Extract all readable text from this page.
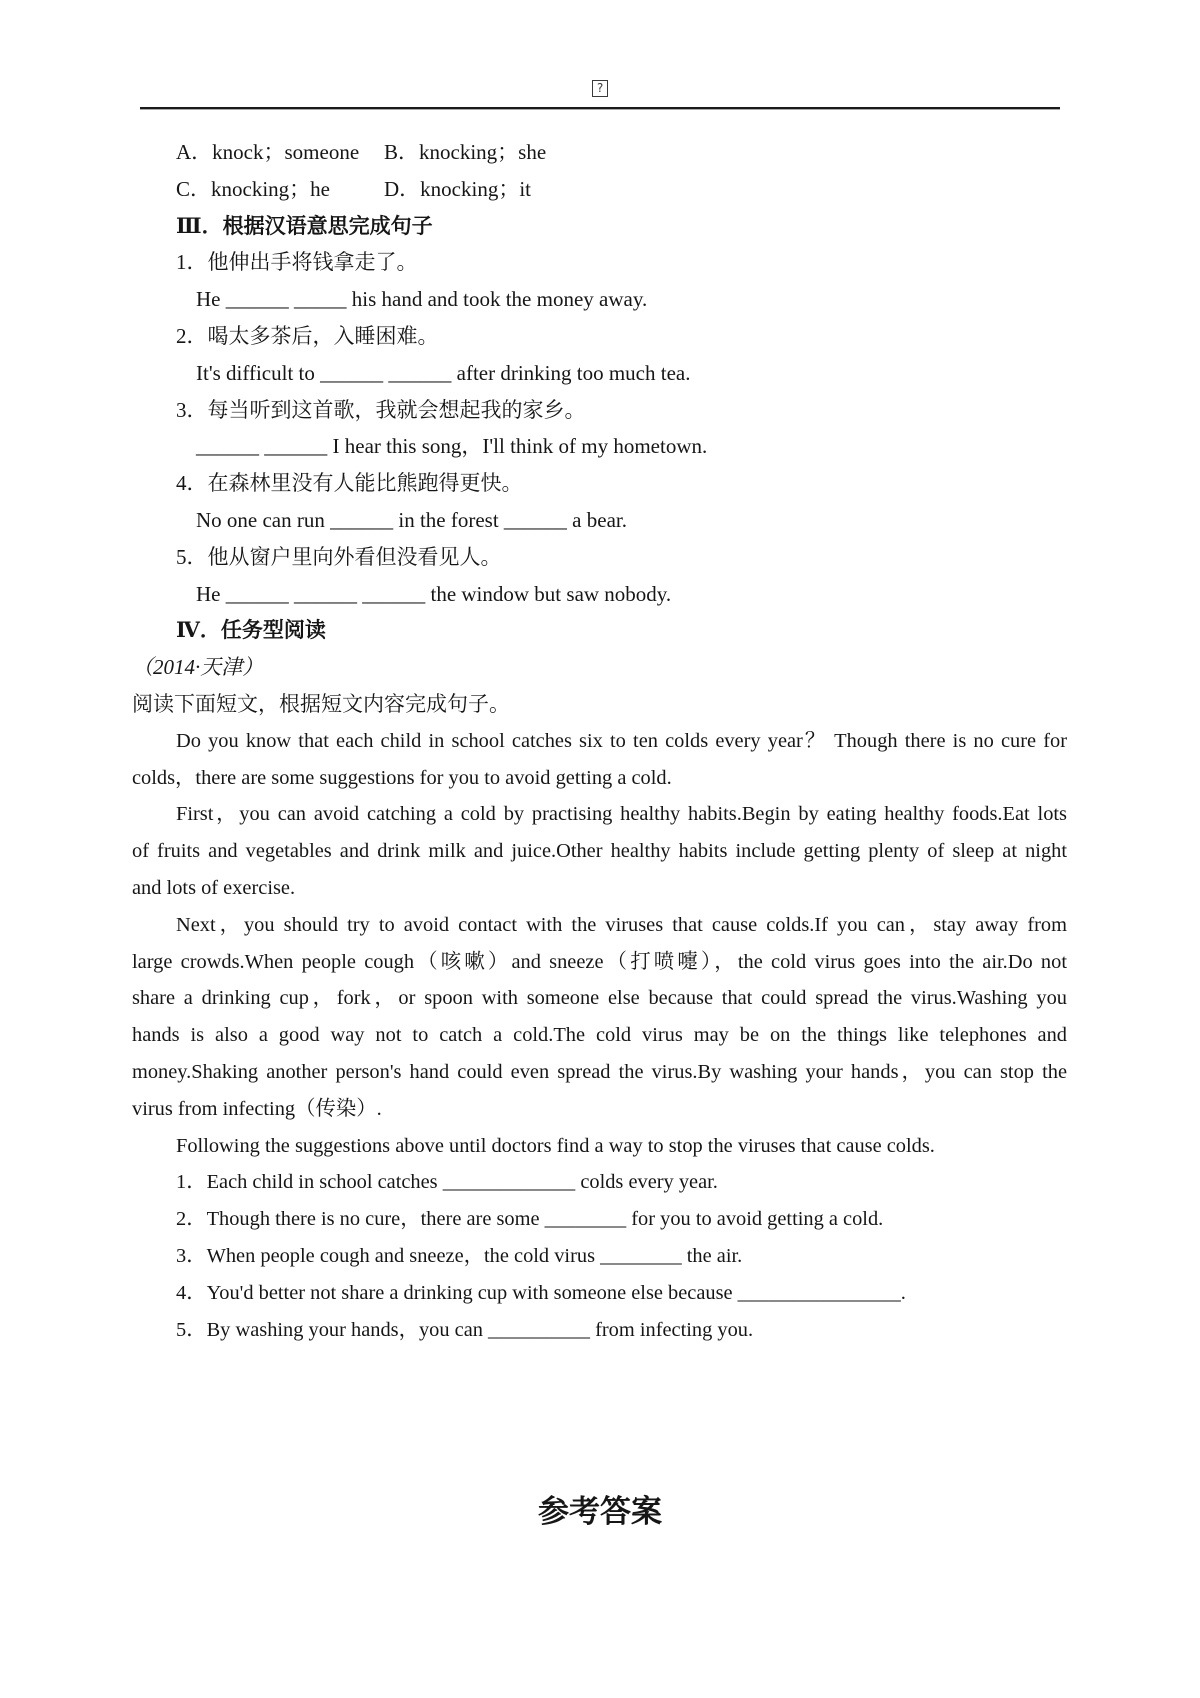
?
A．knock；someone B．knocking；she
C．knocking；he	D．knocking；it
Ⅲ．根据汉语意思完成句子
1．他伸出手将钱拿走了。
He ______ _____ his hand and took the money away.
2．喝太多茶后，入睡困难。
It's difficult to ______ ______ after drinking too much tea.
3．每当听到这首歌，我就会想起我的家乡。
______ ______ I hear this song，I'll think of my hometown.
4．在森林里没有人能比熊跑得更快。
No one can run ______ in the forest ______ a bear.
5．他从窗户里向外看但没看见人。
He ______ ______ ______ the window but saw nobody.
Ⅳ．任务型阅读
（2014·天津）
阅读下面短文，根据短文内容完成句子。
Do you know that each child in school catches six to ten colds every year？ Though there is no cure for
colds，there are some suggestions for you to avoid getting a cold.
First，you can avoid catching a cold by practising healthy habits.Begin by eating healthy foods.Eat lots
of fruits and vegetables and drink milk and juice.Other healthy habits include getting plenty of sleep at night
and lots of exercise.
Next，you should try to avoid contact with the viruses that cause colds.If you can，stay away from
large crowds.When people cough（咳嗽）and sneeze（打喷嚏），the cold virus goes into the air.Do not
share a drinking cup，fork，or spoon with someone else because that could spread the virus.Washing you
hands is also a good way not to catch a cold.The cold virus may be on the things like telephones and
money.Shaking another person's hand could even spread the virus.By washing your hands，you can stop the
virus from infecting（传染）.
Following the suggestions above until doctors find a way to stop the viruses that cause colds.
1．Each child in school catches _____________ colds every year.
2．Though there is no cure，there are some ________ for you to avoid getting a cold.
3．When people cough and sneeze，the cold virus ________ the air.
4．You'd better not share a drinking cup with someone else because ________________.
5．By washing your hands，you can __________ from infecting you.
参考答案
